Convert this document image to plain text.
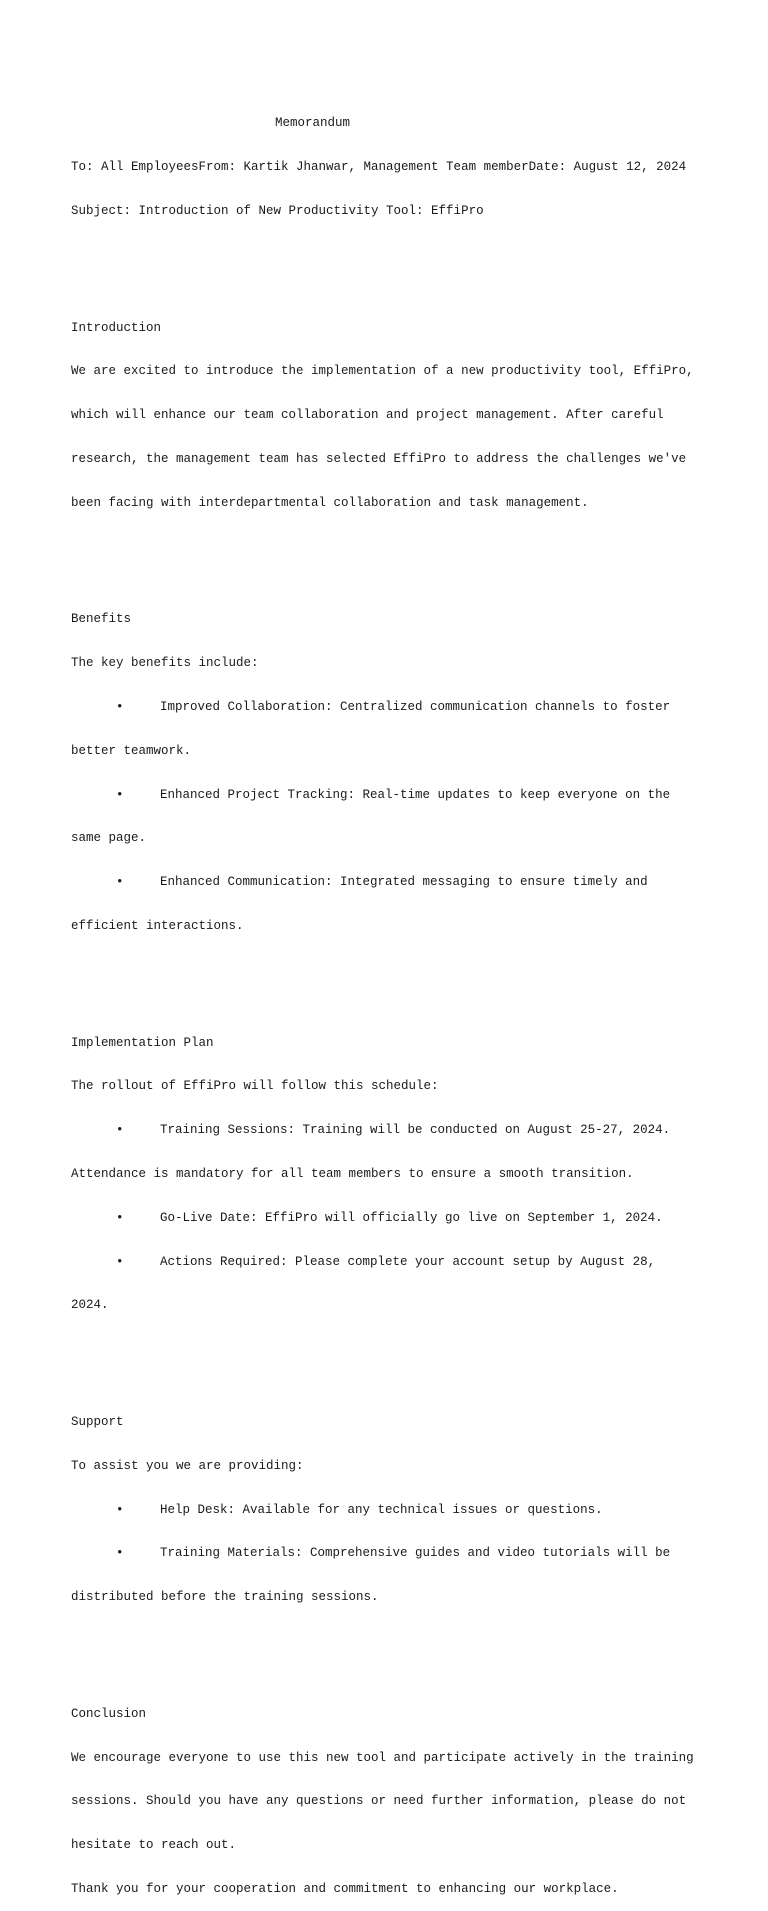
Memorandum

To: All EmployeesFrom: Kartik Jhanwar, Management Team memberDate: August 12, 2024

Subject: Introduction of New Productivity Tool: EffiPro

Introduction

We are excited to introduce the implementation of a new productivity tool, EffiPro,

which will enhance our team collaboration and project management. After careful

research, the management team has selected EffiPro to address the challenges we've

been facing with interdepartmental collaboration and task management.

Benefits

The key benefits include:

•	Improved Collaboration: Centralized communication channels to foster

better teamwork.

•	Enhanced Project Tracking: Real-time updates to keep everyone on the

same page.

•	Enhanced Communication: Integrated messaging to ensure timely and

efficient interactions.

Implementation Plan

The rollout of EffiPro will follow this schedule:

•	Training Sessions: Training will be conducted on August 25-27, 2024.

Attendance is mandatory for all team members to ensure a smooth transition.

•	Go-Live Date: EffiPro will officially go live on September 1, 2024.

•	Actions Required: Please complete your account setup by August 28,

2024.

Support

To assist you we are providing:

•	Help Desk: Available for any technical issues or questions.

•	Training Materials: Comprehensive guides and video tutorials will be

distributed before the training sessions.

Conclusion

We encourage everyone to use this new tool and participate actively in the training

sessions. Should you have any questions or need further information, please do not

hesitate to reach out.

Thank you for your cooperation and commitment to enhancing our workplace.
